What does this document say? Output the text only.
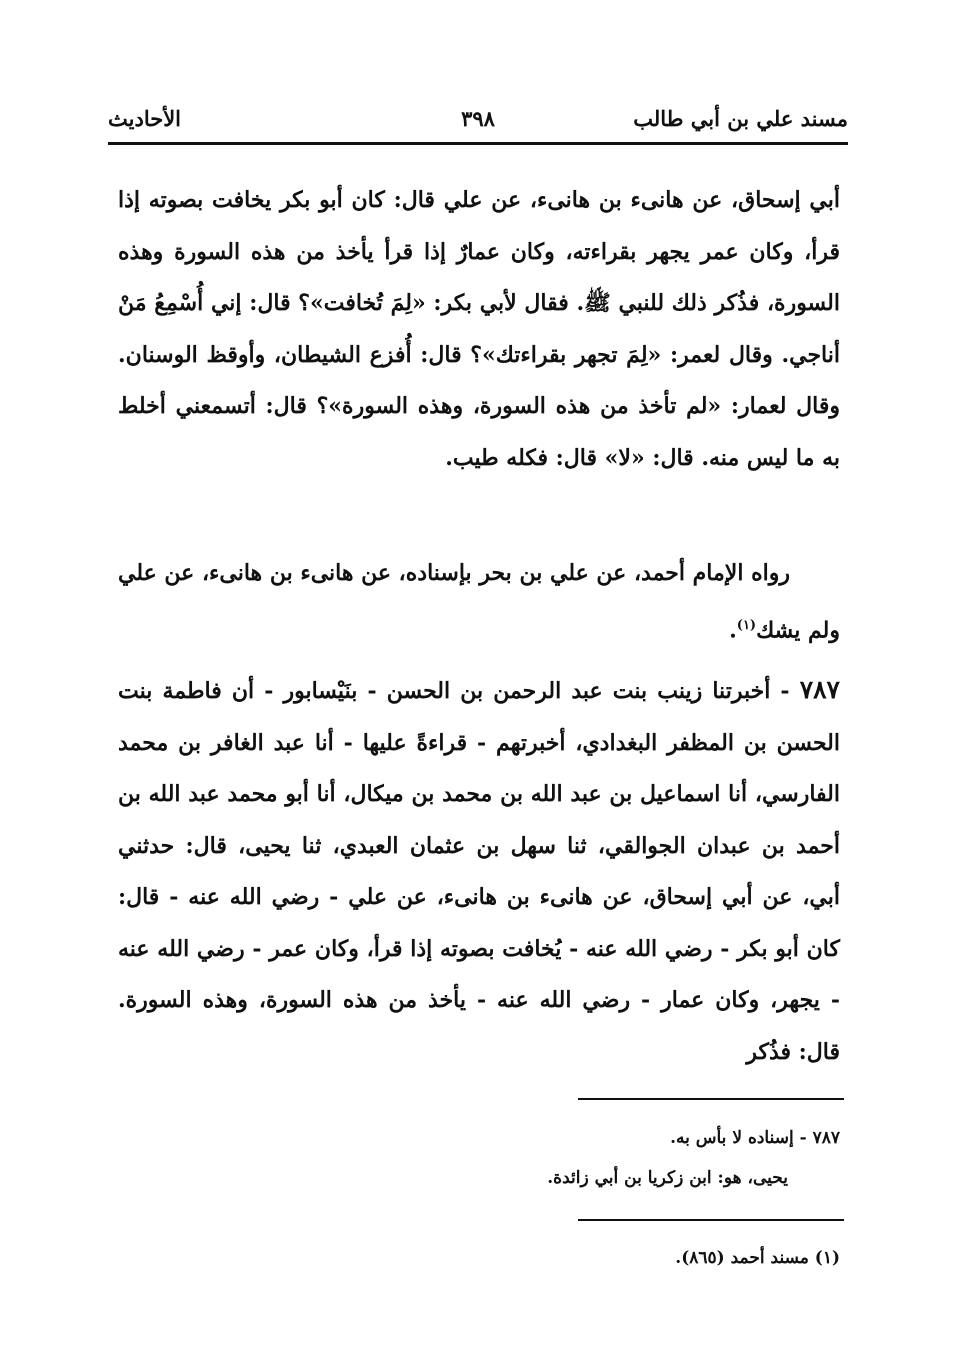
مسند علي بن أبي طالب
٣٩٨
الأحاديث

أبي إسحاق، عن هانىء بن هانىء، عن علي قال: كان أبو بكر يخافت بصوته إذا قرأ، وكان عمر يجهر بقراءته، وكان عمارٌ إذا قرأ يأخذ من هذه السورة وهذه السورة، فذُكر ذلك للنبي ﷺ. فقال لأبي بكر: «لِمَ تُخافت»؟ قال: إني أُسْمِعُ مَنْ أناجي. وقال لعمر: «لِمَ تجهر بقراءتك»؟ قال: أُفزع الشيطان، وأوقظ الوسنان. وقال لعمار: «لم تأخذ من هذه السورة، وهذه السورة»؟ قال: أتسمعني أخلط به ما ليس منه. قال: «لا» قال: فكله طيب.

رواه الإمام أحمد، عن علي بن بحر بإسناده، عن هانىء بن هانىء، عن علي ولم يشك$^{(١)}$.

٧٨٧ - أخبرتنا زينب بنت عبد الرحمن بن الحسن - بنَيْسابور - أن فاطمة بنت الحسن بن المظفر البغدادي، أخبرتهم - قراءةً عليها - أنا عبد الغافر بن محمد الفارسي، أنا اسماعيل بن عبد الله بن محمد بن ميكال، أنا أبو محمد عبد الله بن أحمد بن عبدان الجوالقي، ثنا سهل بن عثمان العبدي، ثنا يحيى، قال: حدثني أبي، عن أبي إسحاق، عن هانىء بن هانىء، عن علي - رضي الله عنه - قال: كان أبو بكر - رضي الله عنه - يُخافت بصوته إذا قرأ، وكان عمر - رضي الله عنه - يجهر، وكان عمار - رضي الله عنه - يأخذ من هذه السورة، وهذه السورة. قال: فذُكر

٧٨٧ - إسناده لا بأس به.
يحيى، هو: ابن زكريا بن أبي زائدة.
(١) مسند أحمد (٨٦٥).
